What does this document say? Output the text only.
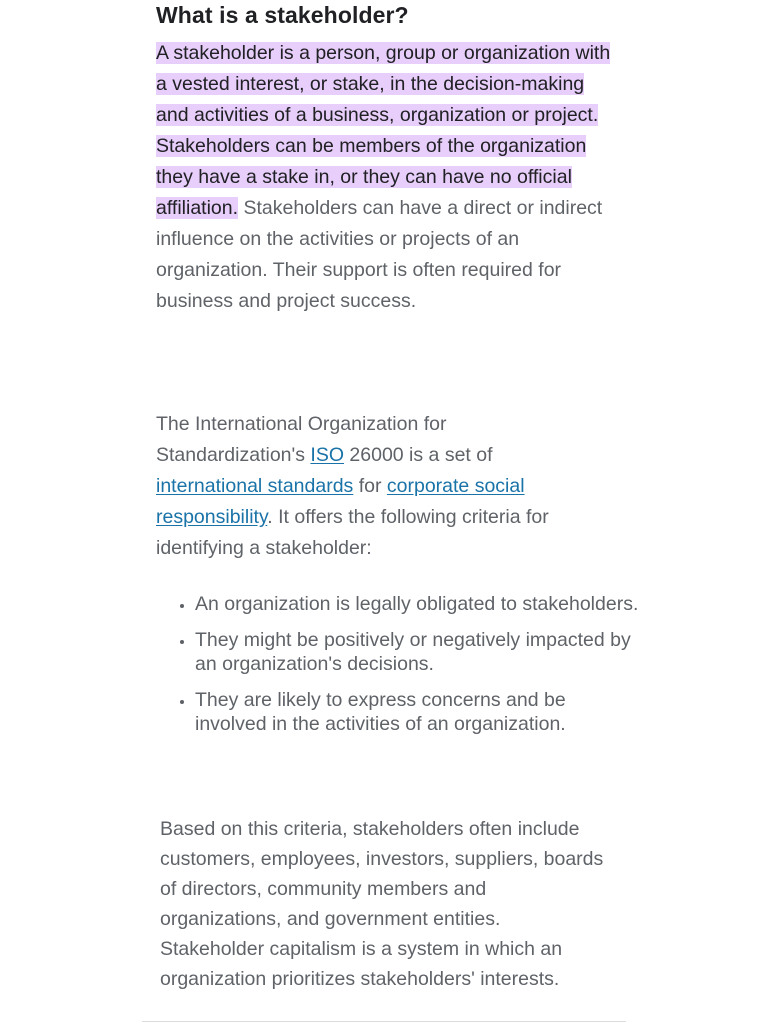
What is a stakeholder?

A stakeholder is a person, group or organization with a vested interest, or stake, in the decision-making and activities of a business, organization or project. Stakeholders can be members of the organization they have a stake in, or they can have no official affiliation. Stakeholders can have a direct or indirect influence on the activities or projects of an organization. Their support is often required for business and project success.

The International Organization for Standardization's ISO 26000 is a set of international standards for corporate social responsibility. It offers the following criteria for identifying a stakeholder:

• An organization is legally obligated to stakeholders.
• They might be positively or negatively impacted by an organization's decisions.
• They are likely to express concerns and be involved in the activities of an organization.

Based on this criteria, stakeholders often include customers, employees, investors, suppliers, boards of directors, community members and organizations, and government entities. Stakeholder capitalism is a system in which an organization prioritizes stakeholders' interests.
